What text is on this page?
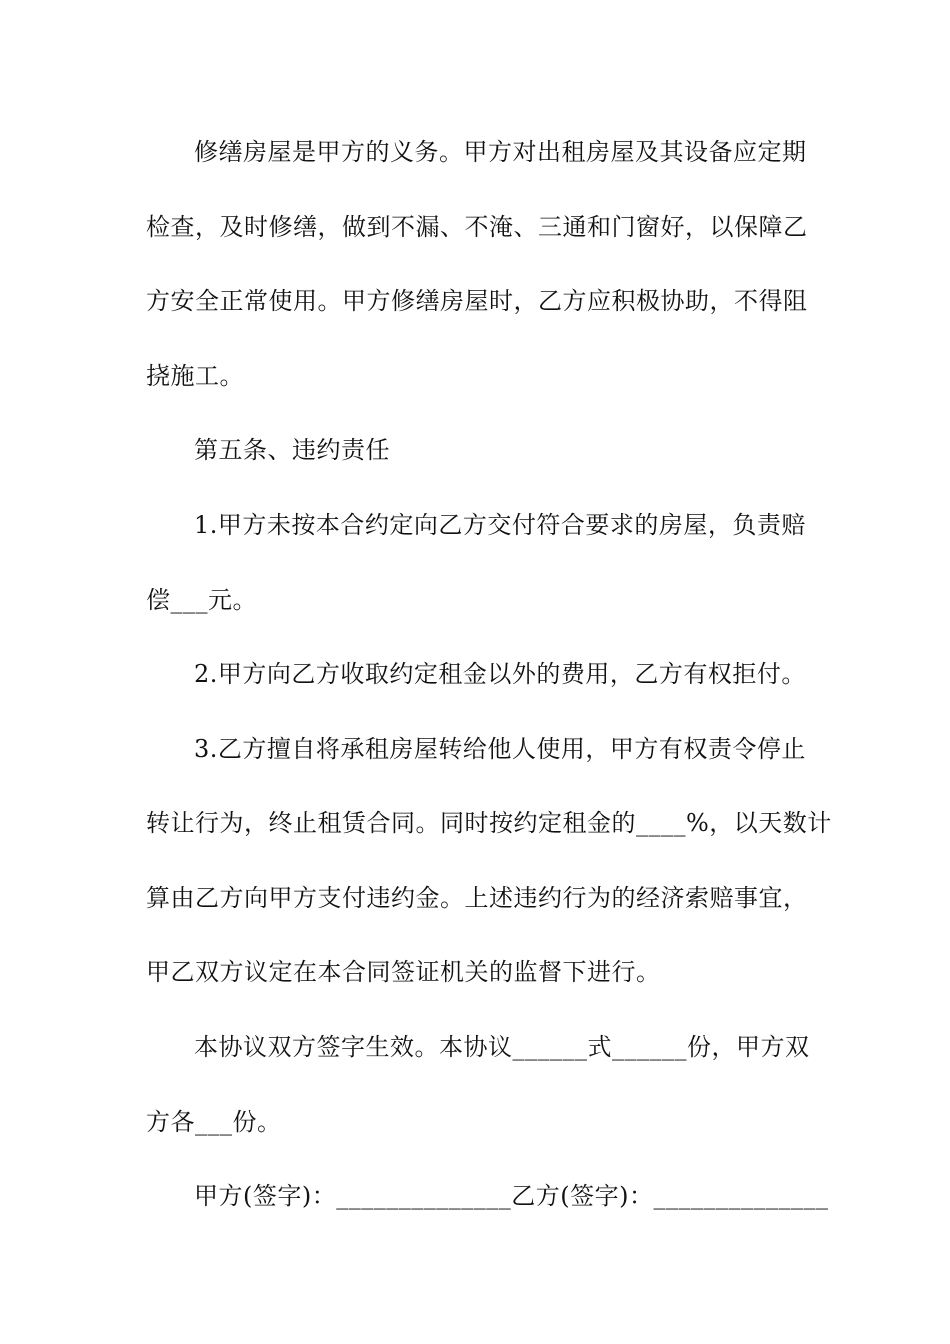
修缮房屋是甲方的义务。甲方对出租房屋及其设备应定期
检查，及时修缮，做到不漏、不淹、三通和门窗好，以保障乙
方安全正常使用。甲方修缮房屋时，乙方应积极协助，不得阻
挠施工。
第五条、违约责任
1.甲方未按本合约定向乙方交付符合要求的房屋，负责赔
偿___元。
2.甲方向乙方收取约定租金以外的费用，乙方有权拒付。
3.乙方擅自将承租房屋转给他人使用，甲方有权责令停止
转让行为，终止租赁合同。同时按约定租金的____%，以天数计
算由乙方向甲方支付违约金。上述违约行为的经济索赔事宜，
甲乙双方议定在本合同签证机关的监督下进行。
本协议双方签字生效。本协议______式______份，甲方双
方各___份。
甲方(签字)：______________乙方(签字)：______________
